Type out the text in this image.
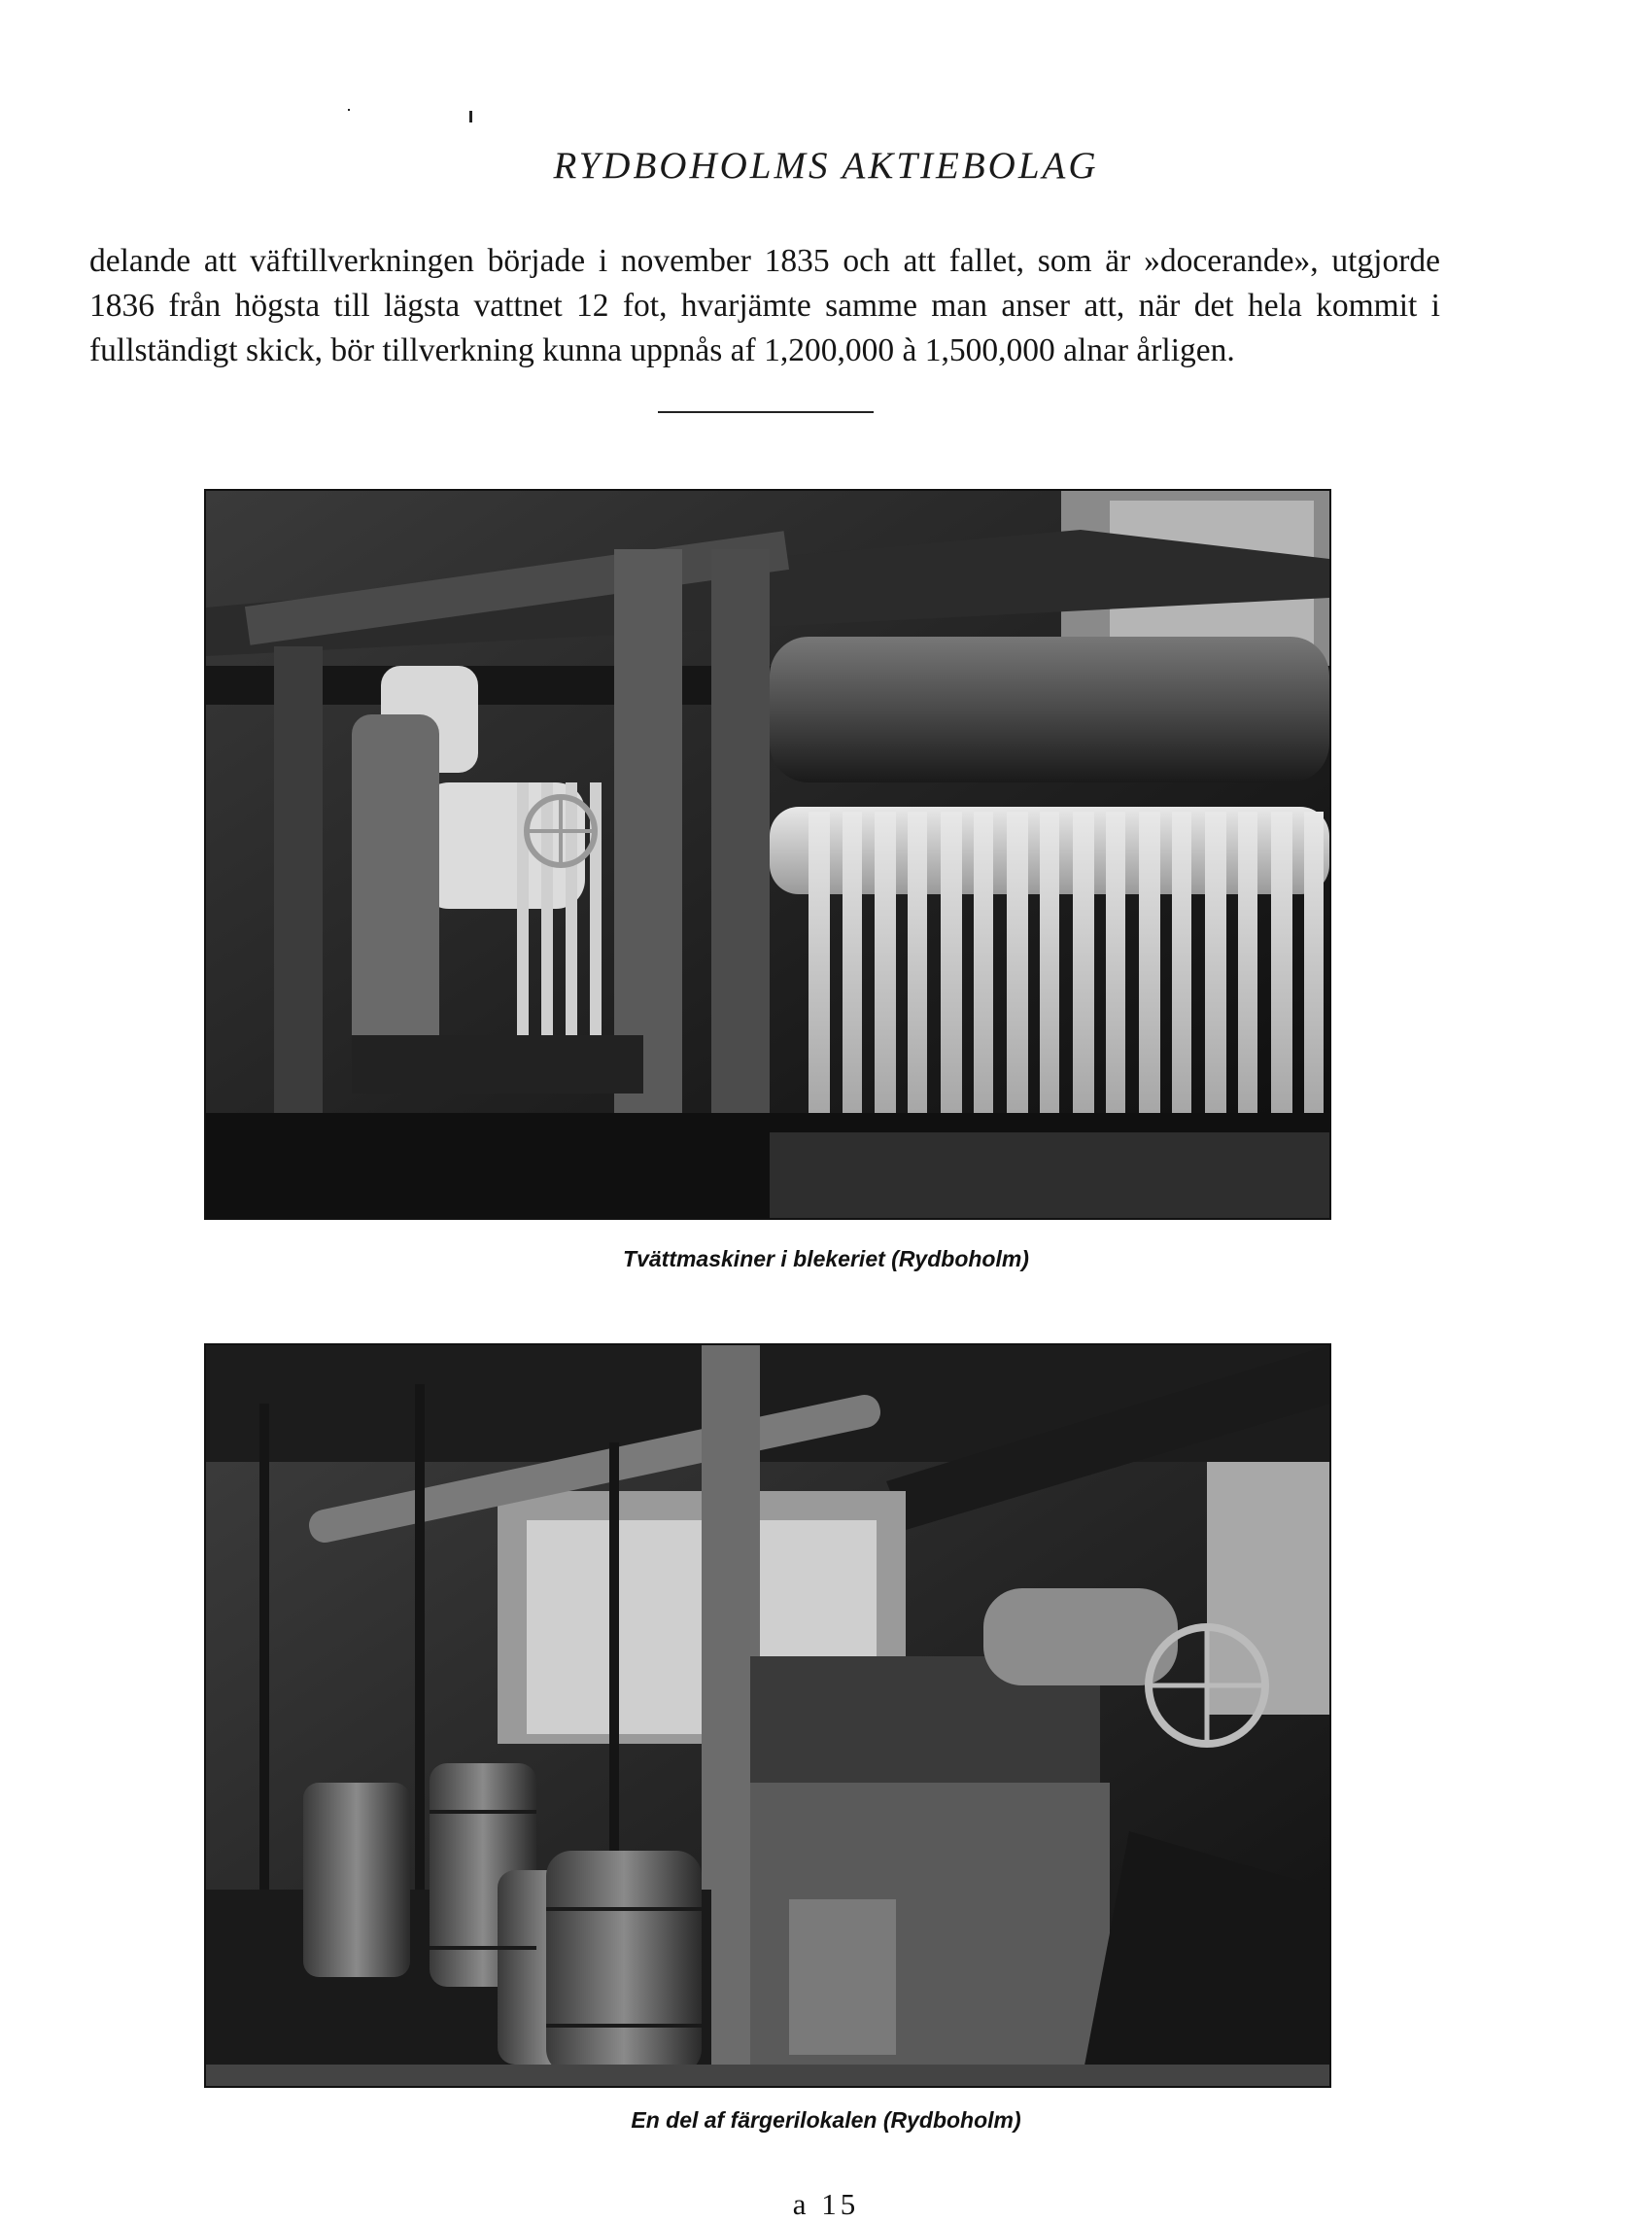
RYDBOHOLMS AKTIEBOLAG

delande att väftillverkningen började i november 1835 och att fallet, som är »docerande», utgjorde 1836 från högsta till lägsta vattnet 12 fot, hvarjämte samme man anser att, när det hela kommit i fullständigt skick, bör tillverkning kunna uppnås af 1,200,000 à 1,500,000 alnar årligen.

Tvättmaskiner i blekeriet (Rydboholm)
En del af färgerilokalen (Rydboholm)
a 15
